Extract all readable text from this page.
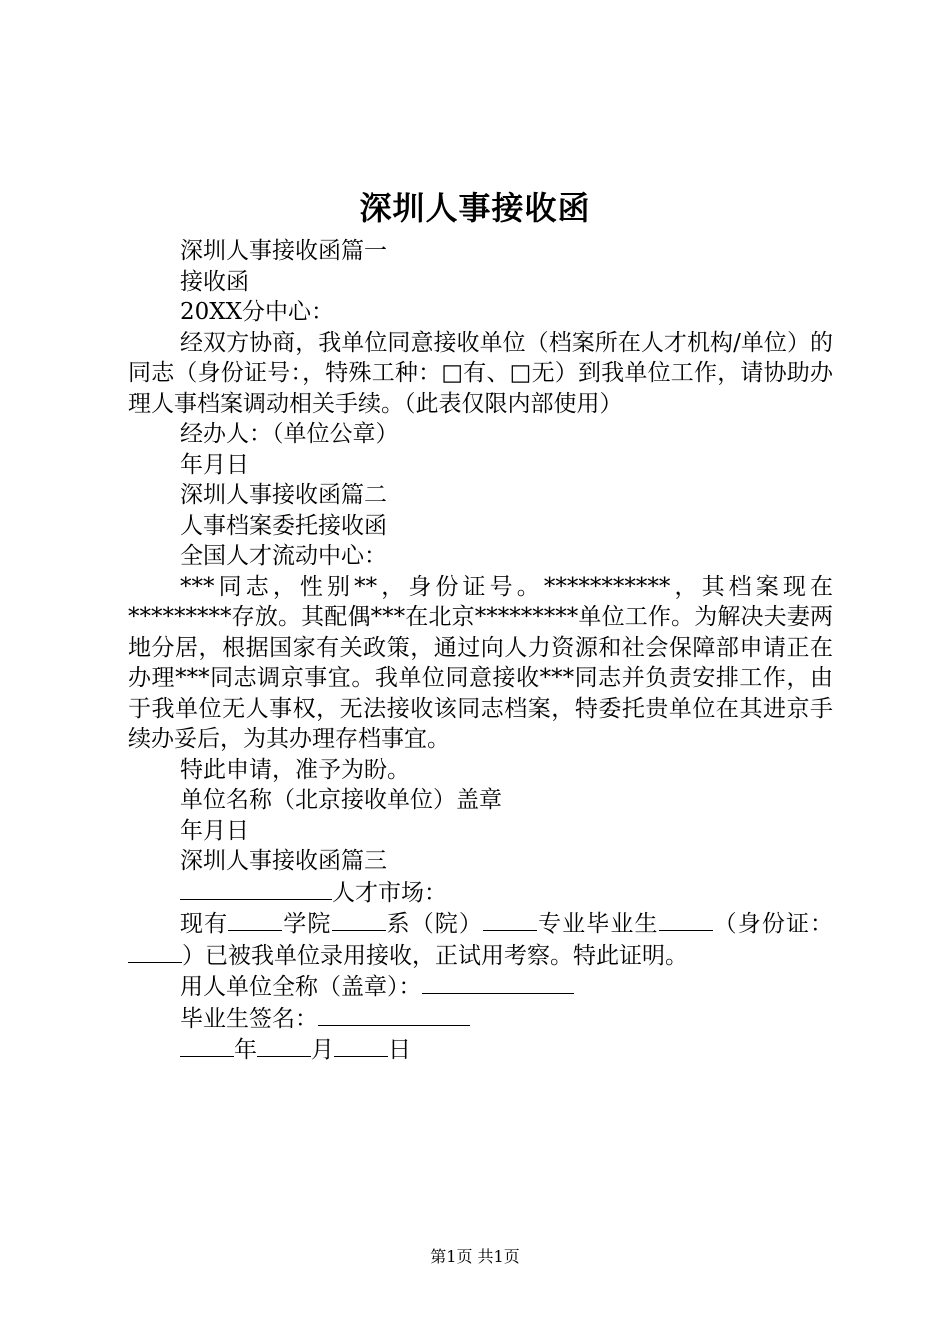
深圳人事接收函

深圳人事接收函篇一

接收函

20XX分中心：

经双方协商，我单位同意接收单位（档案所在人才机构/单位）的同志（身份证号：，特殊工种：□有、□无）到我单位工作，请协助办理人事档案调动相关手续。（此表仅限内部使用）

经办人：（单位公章）

年月日

深圳人事接收函篇二

人事档案委托接收函

全国人才流动中心：

***同志，性别**，身份证号。***********，其档案现在*********存放。其配偶***在北京*********单位工作。为解决夫妻两地分居，根据国家有关政策，通过向人力资源和社会保障部申请正在办理***同志调京事宜。我单位同意接收***同志并负责安排工作，由于我单位无人事权，无法接收该同志档案，特委托贵单位在其进京手续办妥后，为其办理存档事宜。

特此申请，准予为盼。

单位名称（北京接收单位）盖章

年月日

深圳人事接收函篇三

人才市场：

现有 学院 系（院） 专业毕业生 （身份证：）已被我单位录用接收，正试用考察。特此证明。

用人单位全称（盖章）：

毕业生签名：

年 月 日

第1页 共1页
